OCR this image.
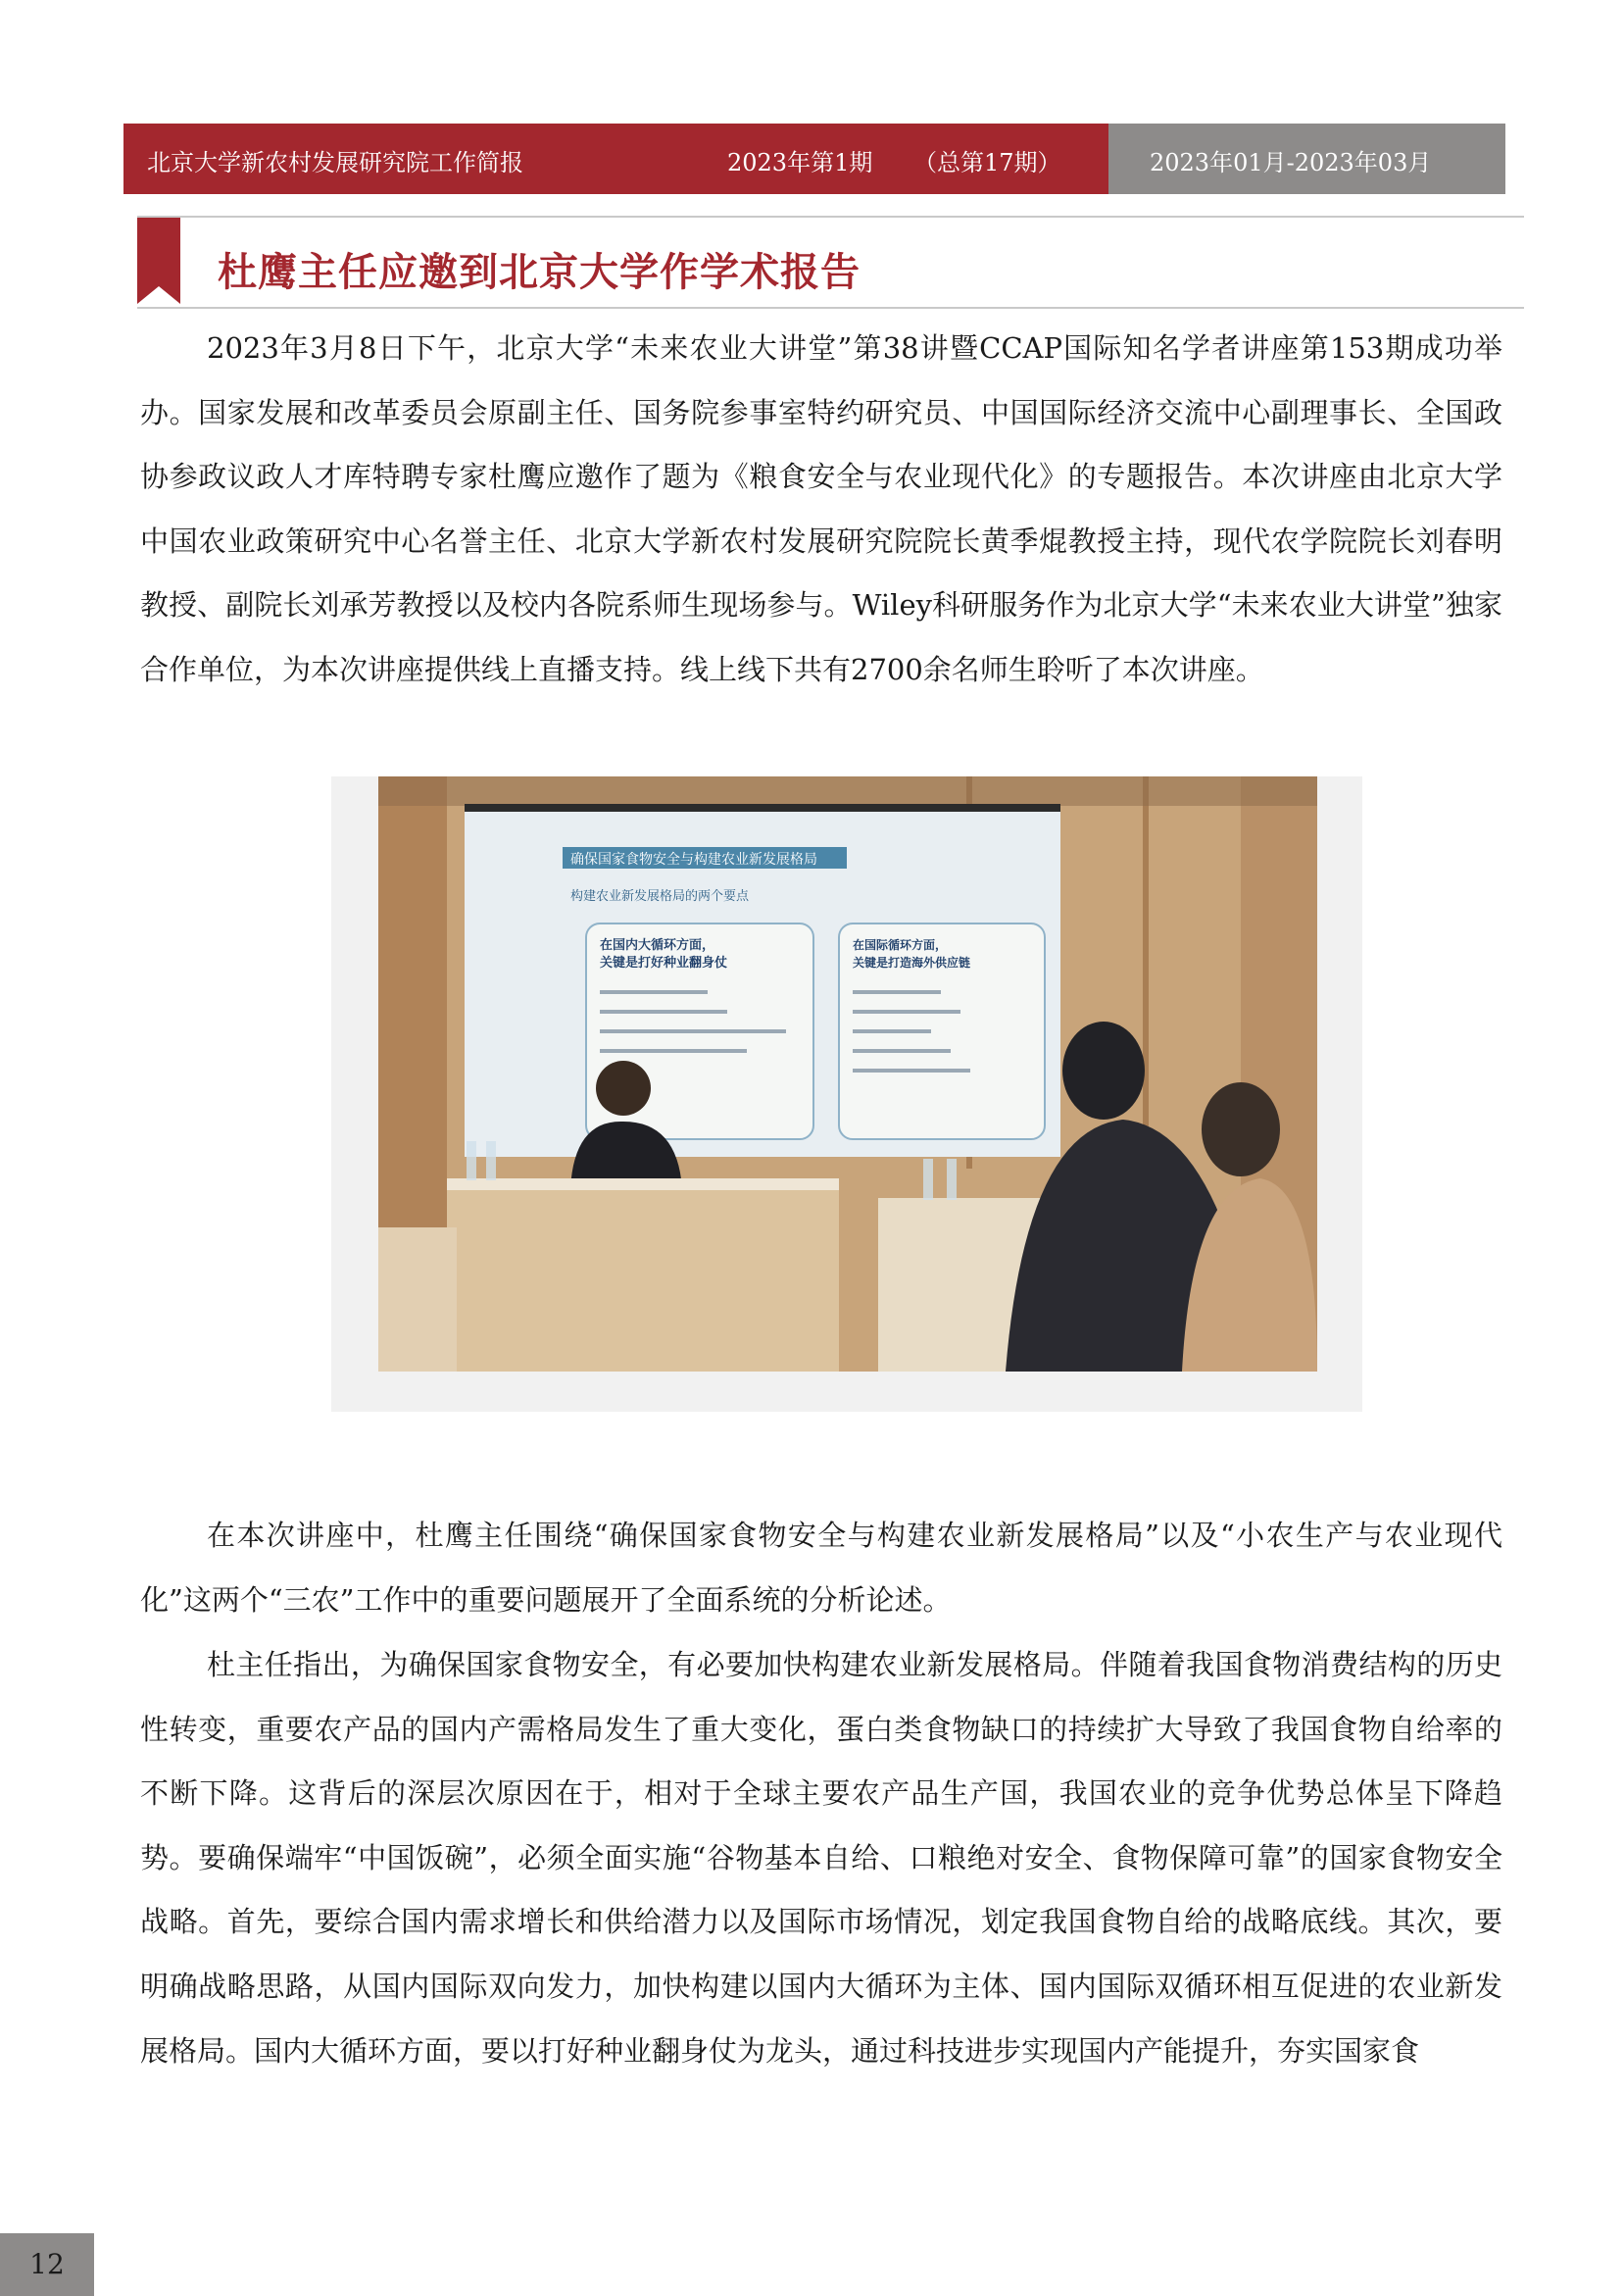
北京大学新农村发展研究院工作简报	2023年第1期 （总第17期）	2023年01月-2023年03月
杜鹰主任应邀到北京大学作学术报告

2023年3月8日下午，北京大学“未来农业大讲堂”第38讲暨CCAP国际知名学者讲座第153期成功举办。国家发展和改革委员会原副主任、国务院参事室特约研究员、中国国际经济交流中心副理事长、全国政协参政议政人才库特聘专家杜鹰应邀作了题为《粮食安全与农业现代化》的专题报告。本次讲座由北京大学中国农业政策研究中心名誉主任、北京大学新农村发展研究院院长黄季焜教授主持，现代农学院院长刘春明教授、副院长刘承芳教授以及校内各院系师生现场参与。Wiley科研服务作为北京大学“未来农业大讲堂”独家合作单位，为本次讲座提供线上直播支持。线上线下共有2700余名师生聆听了本次讲座。

确保国家食物安全与构建农业新发展格局
构建农业新发展格局的两个要点
在国内大循环方面，
关键是打好种业翻身仗
在国际循环方面，
关键是打造海外供应链

在本次讲座中，杜鹰主任围绕“确保国家食物安全与构建农业新发展格局”以及“小农生产与农业现代化”这两个“三农”工作中的重要问题展开了全面系统的分析论述。

杜主任指出，为确保国家食物安全，有必要加快构建农业新发展格局。伴随着我国食物消费结构的历史性转变，重要农产品的国内产需格局发生了重大变化，蛋白类食物缺口的持续扩大导致了我国食物自给率的不断下降。这背后的深层次原因在于，相对于全球主要农产品生产国，我国农业的竞争优势总体呈下降趋势。要确保端牢“中国饭碗”，必须全面实施“谷物基本自给、口粮绝对安全、食物保障可靠”的国家食物安全战略。首先，要综合国内需求增长和供给潜力以及国际市场情况，划定我国食物自给的战略底线。其次，要明确战略思路，从国内国际双向发力，加快构建以国内大循环为主体、国内国际双循环相互促进的农业新发展格局。国内大循环方面，要以打好种业翻身仗为龙头，通过科技进步实现国内产能提升，夯实国家食

12
